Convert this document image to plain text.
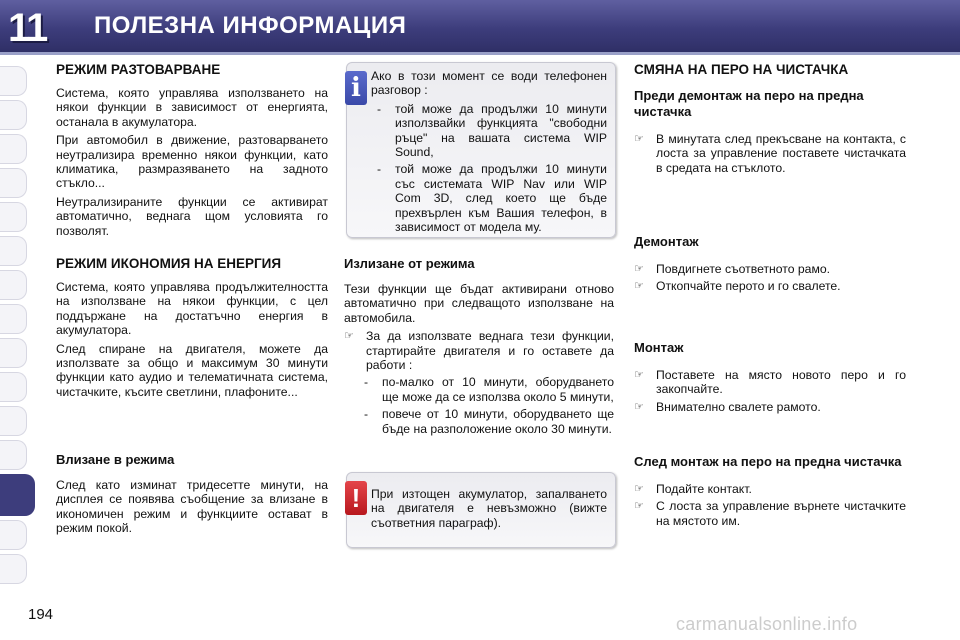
11	ПОЛЕЗНА ИНФОРМАЦИЯ
РЕЖИМ РАЗТОВАРВАНЕ

Система, която управлява използването на някои функции в зависимост от енергията, останала в акумулатора.

При автомобил в движение, разтоварването неутрализира временно някои функции, като климатика, размразяването на задното стъкло...

Неутрализираните функции се активират автоматично, веднага щом условията го позволят.

РЕЖИМ ИКОНОМИЯ НА ЕНЕРГИЯ

Система, която управлява продължителността на използване на някои функции, с цел поддържане на достатъчно енергия в акумулатора.

След спиране на двигателя, можете да използвате за общо и максимум 30 минути функции като аудио и телематичната система, чистачките, късите светлини, плафоните...

Влизане в режима

След като изминат тридесетте минути, на дисплея се появява съобщение за влизане в икономичен режим и функциите остават в режим покой.

i Ако в този момент се води телефонен разговор :

- той може да продължи 10 минути използвайки функцията "свободни ръце" на вашата система WIP Sound,
- той може да продължи 10 минути със системата WIP Nav или WIP Com 3D, след което ще бъде прехвърлен към Вашия телефон, в зависимост от модела му.
Излизане от режима

Тези функции ще бъдат активирани отново автоматично при следващото използване на автомобила.

☞ За да използвате веднага тези функции, стартирайте двигателя и го оставете да работи :
- по-малко от 10 минути, оборудването ще може да се използва около 5 минути,
- повече от 10 минути, оборудването ще бъде на разположение около 30 минути.
! При изтощен акумулатор, запалването на двигателя е невъзможно (вижте съответния параграф).

СМЯНА НА ПЕРО НА ЧИСТАЧКА
Преди демонтаж на перо на предна чистачка
☞ В минутата след прекъсване на контакта, с лоста за управление поставете чистачката в средата на стъклото.
Демонтаж
☞ Повдигнете съответното рамо.
☞ Откопчайте перото и го свалете.
Монтаж
☞ Поставете на място новото перо и го закопчайте.
☞ Внимателно свалете рамото.
След монтаж на перо на предна чистачка
☞ Подайте контакт.
☞ С лоста за управление върнете чистачките на мястото им.
194	carmanualsonline.info
